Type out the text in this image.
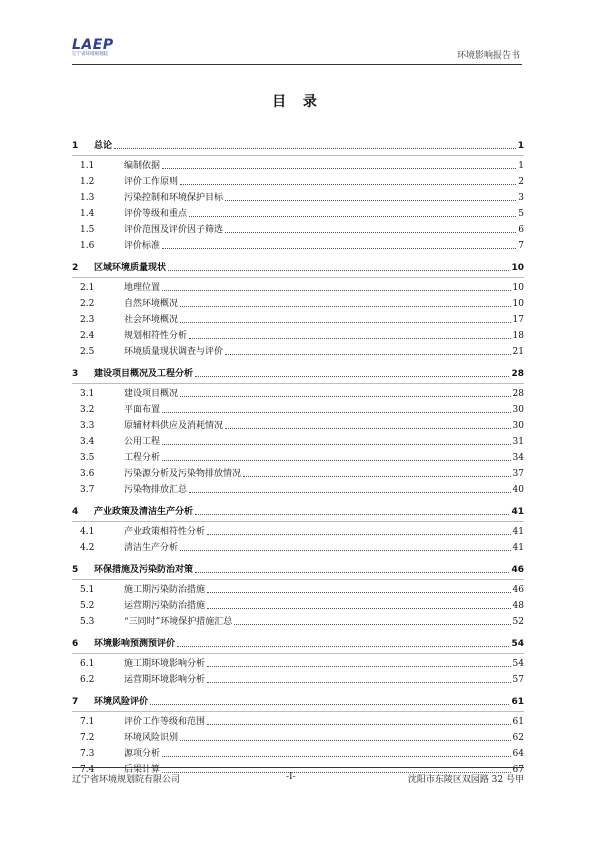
LAEP
辽宁省环境规划院	环境影响报告书
目 录
1	总论	1
1.1	编制依据	1
1.2	评价工作原则	2
1.3	污染控制和环境保护目标	3
1.4	评价等级和重点	5
1.5	评价范围及评价因子筛选	6
1.6	评价标准	7
2	区域环境质量现状	10
2.1	地理位置	10
2.2	自然环境概况	10
2.3	社会环境概况	17
2.4	规划相符性分析	18
2.5	环境质量现状调查与评价	21
3	建设项目概况及工程分析	28
3.1	建设项目概况	28
3.2	平面布置	30
3.3	原辅材料供应及消耗情况	30
3.4	公用工程	31
3.5	工程分析	34
3.6	污染源分析及污染物排放情况	37
3.7	污染物排放汇总	40
4	产业政策及清洁生产分析	41
4.1	产业政策相符性分析	41
4.2	清洁生产分析	41
5	环保措施及污染防治对策	46
5.1	施工期污染防治措施	46
5.2	运营期污染防治措施	48
5.3	“三同时”环境保护措施汇总	52
6	环境影响预测预评价	54
6.1	施工期环境影响分析	54
6.2	运营期环境影响分析	57
7	环境风险评价	61
7.1	评价工作等级和范围	61
7.2	环境风险识别	62
7.3	源项分析	64
7.4	后果计算	67
辽宁省环境规划院有限公司	-I-	沈阳市东陵区双园路 32 号甲
